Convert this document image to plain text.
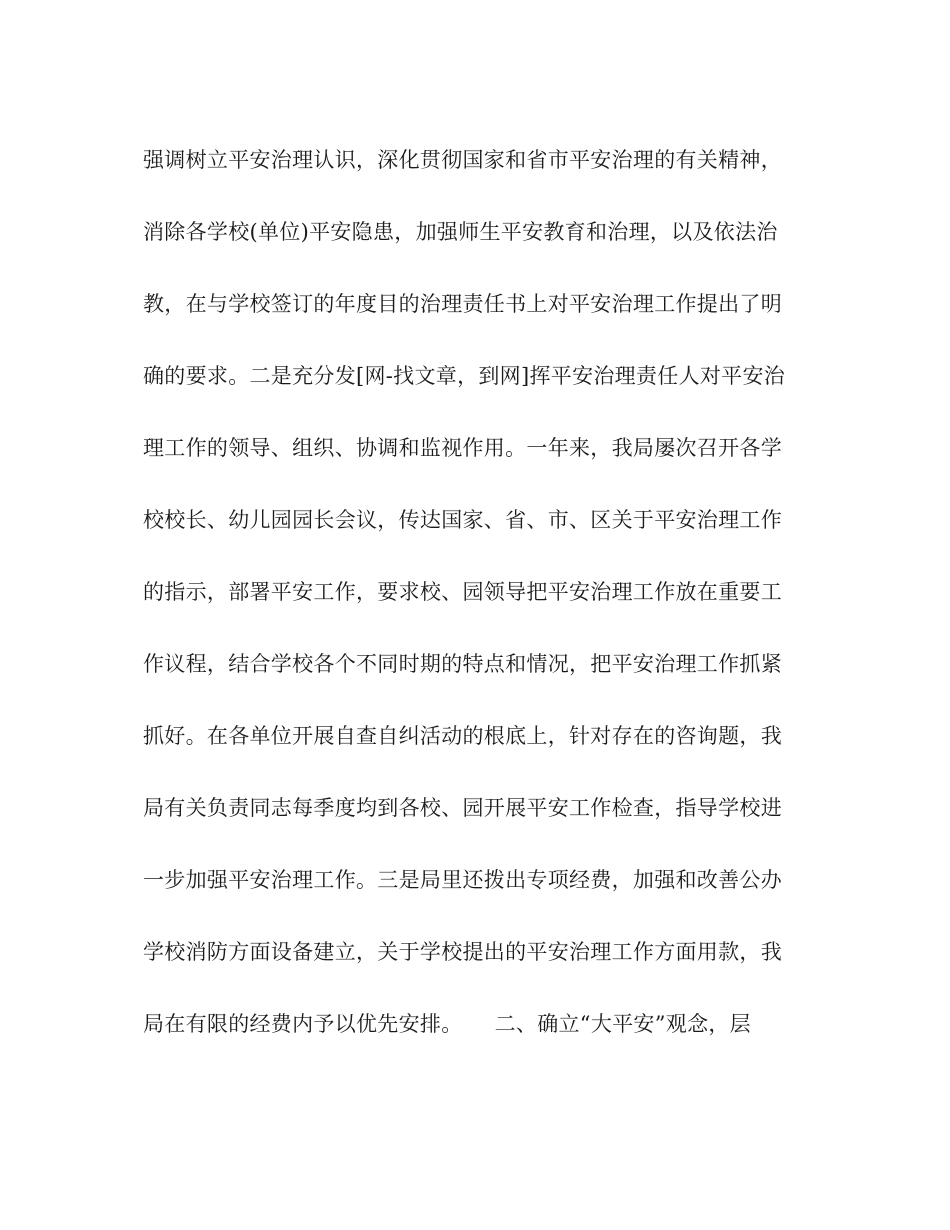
强调树立平安治理认识，深化贯彻国家和省市平安治理的有关精神，
消除各学校(单位)平安隐患，加强师生平安教育和治理，以及依法治
教，在与学校签订的年度目的治理责任书上对平安治理工作提出了明
确的要求。二是充分发[网-找文章，到网]挥平安治理责任人对平安治
理工作的领导、组织、协调和监视作用。一年来，我局屡次召开各学
校校长、幼儿园园长会议，传达国家、省、市、区关于平安治理工作
的指示，部署平安工作，要求校、园领导把平安治理工作放在重要工
作议程，结合学校各个不同时期的特点和情况，把平安治理工作抓紧
抓好。在各单位开展自查自纠活动的根底上，针对存在的咨询题，我
局有关负责同志每季度均到各校、园开展平安工作检查，指导学校进
一步加强平安治理工作。三是局里还拨出专项经费，加强和改善公办
学校消防方面设备建立，关于学校提出的平安治理工作方面用款，我
局在有限的经费内予以优先安排。　　二、确立“大平安”观念，层
